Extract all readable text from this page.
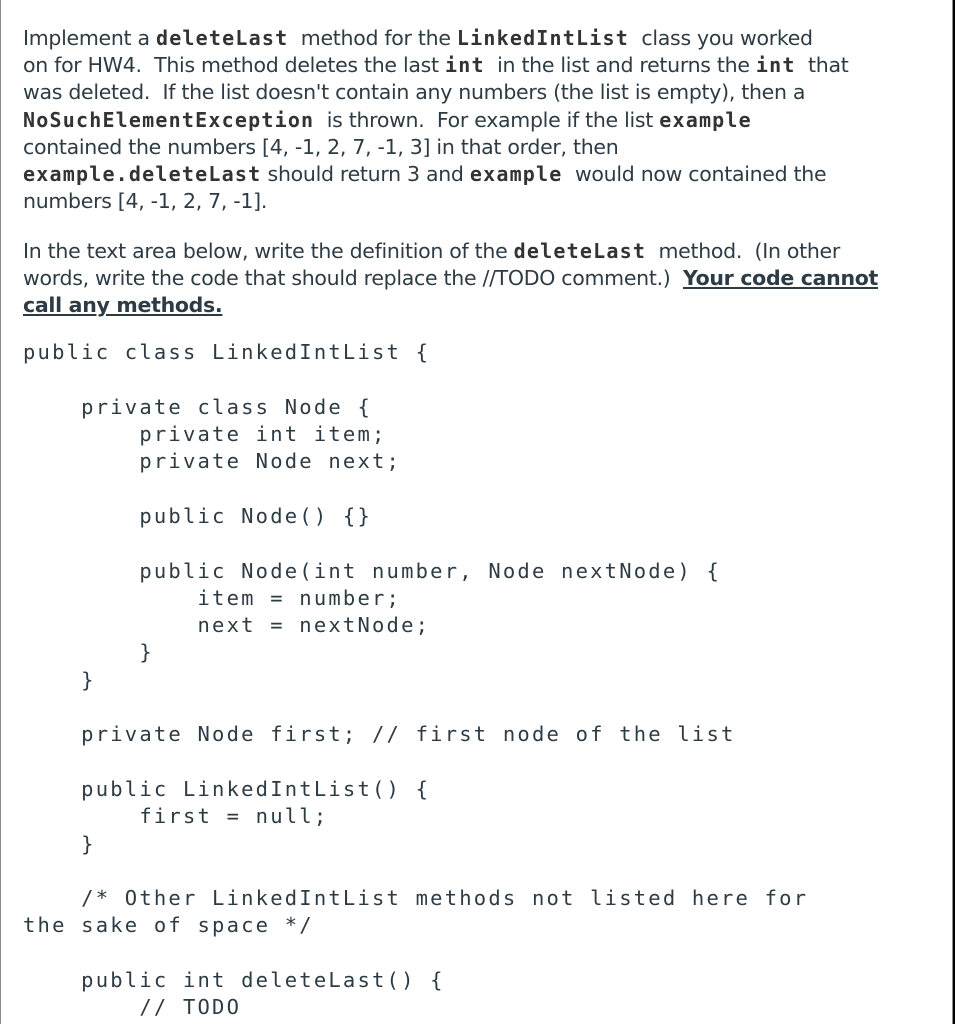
Implement a deleteLast  method for the LinkedIntList  class you worked
on for HW4.  This method deletes the last int  in the list and returns the int  that
was deleted.  If the list doesn't contain any numbers (the list is empty), then a
NoSuchElementException  is thrown.  For example if the list example
contained the numbers [4, -1, 2, 7, -1, 3] in that order, then
example.deleteLast should return 3 and example  would now contained the
numbers [4, -1, 2, 7, -1].
In the text area below, write the definition of the deleteLast  method.  (In other
words, write the code that should replace the //TODO comment.)  Your code cannot
call any methods.
public class LinkedIntList {
private class Node {
private int item;
private Node next;
public Node() {}
public Node(int number, Node nextNode) {
item = number;
next = nextNode;
}
}
private Node first; // first node of the list
public LinkedIntList() {
first = null;
}
/* Other LinkedIntList methods not listed here for
the sake of space */
public int deleteLast() {
// TODO
